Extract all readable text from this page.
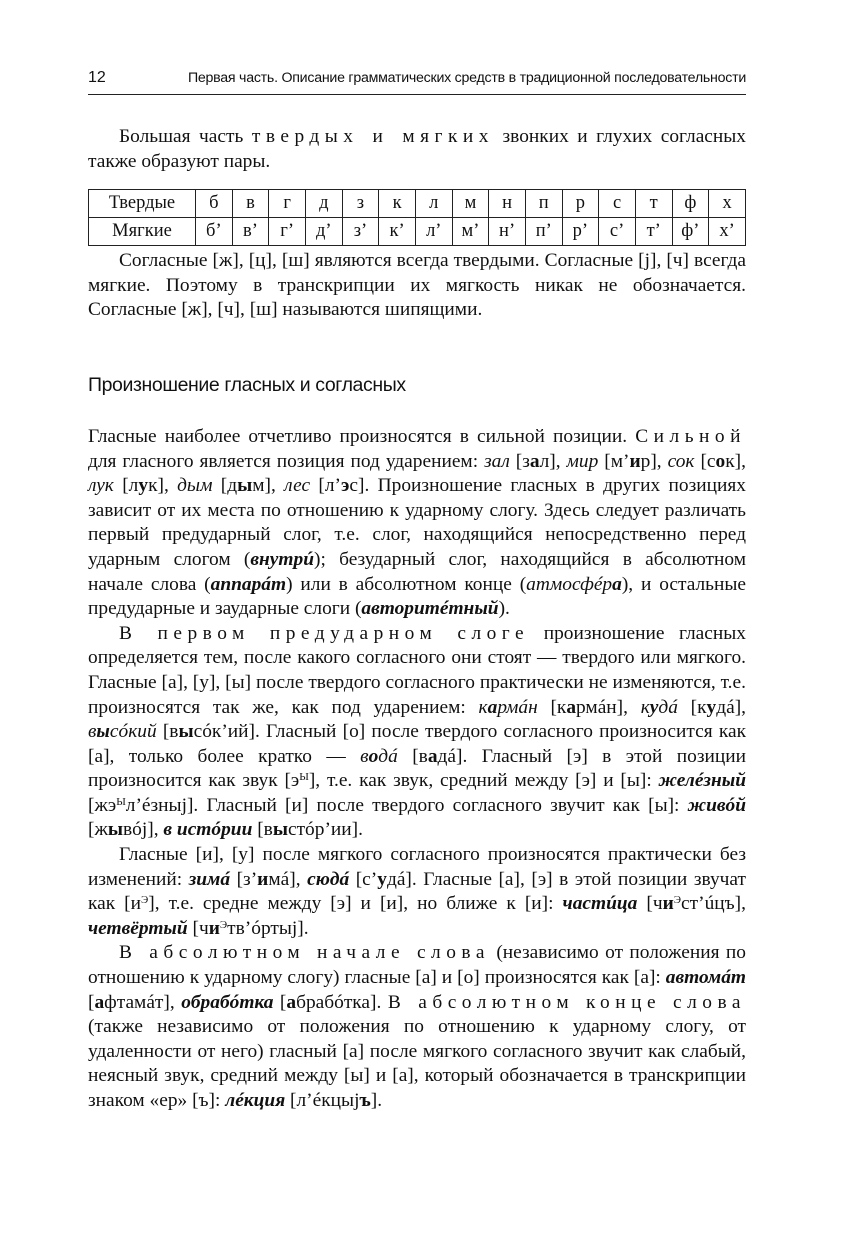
12	Первая часть. Описание грамматических средств в традиционной последовательности

Большая часть твердых и мягких звонких и глухих согласных также образуют пары.

Твердые	б	в	г	д	з	к	л	м	н	п	р	с	т	ф	х
Мягкие	б’	в’	г’	д’	з’	к’	л’	м’	н’	п’	р’	с’	т’	ф’	х’

Согласные [ж], [ц], [ш] являются всегда твердыми. Согласные [j], [ч] всегда мягкие. Поэтому в транскрипции их мягкость никак не обозначается. Согласные [ж], [ч], [ш] называются шипящими.

Произношение гласных и согласных

Гласные наиболее отчетливо произносятся в сильной позиции. Сильной для гласного является позиция под ударением: зал [зал], мир [м’ир], сок [сок], лук [лук], дым [дым], лес [л’эс]. Произношение гласных в других позициях зависит от их места по отношению к ударному слогу. Здесь следует различать первый предударный слог, т.е. слог, находящийся непосредственно перед ударным слогом (внутрú); безударный слог, находящийся в абсолютном начале слова (аппарáт) или в абсолютном конце (атмосфéра), и остальные предударные и заударные слоги (авторитéтный).

В первом предударном слоге произношение гласных определяется тем, после какого согласного они стоят — твердого или мягкого. Гласные [а], [у], [ы] после твердого согласного практически не изменяются, т.е. произносятся так же, как под ударением: кармáн [кармáн], кудá [кудá], высóкий [высóк’ий]. Гласный [о] после твердого согласного произносится как [а], только более кратко — водá [вадá]. Гласный [э] в этой позиции произносится как звук $[э^Ы]$, т.е. как звук, средний между [э] и [ы]: желéзный $[жэ^Ыл’éзныj]$. Гласный [и] после твердого согласного звучит как [ы]: живóй [жывój], в истóрии [выстóр’ии].

Гласные [и], [у] после мягкого согласного произносятся практически без изменений: зимá [з’имá], сюдá [с’удá]. Гласные [а], [э] в этой позиции звучат как $[и^Э]$, т.е. средне между [э] и [и], но ближе к [и]: частúца $[чи^Эст’úцъ]$, четвёртый $[чи^Этв’óртыj]$.

В абсолютном начале слова (независимо от положения по отношению к ударному слогу) гласные [а] и [о] произносятся как [а]: автомáт [афтамáт], обрабóтка [абрабóтка]. В абсолютном конце слова (также независимо от положения по отношению к ударному слогу, от удаленности от него) гласный [а] после мягкого согласного звучит как слабый, неясный звук, средний между [ы] и [а], который обозначается в транскрипции знаком «ер» [ъ]: лéкция [л’éкцыjъ].
